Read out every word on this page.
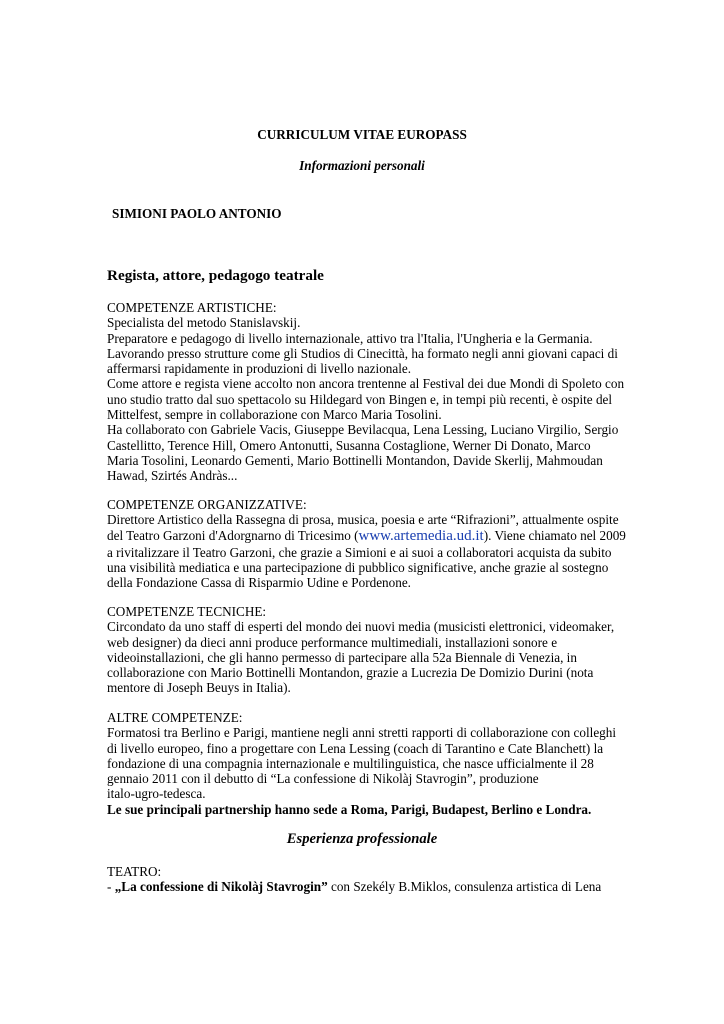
CURRICULUM VITAE EUROPASS
Informazioni personali
SIMIONI PAOLO ANTONIO
Regista, attore, pedagogo teatrale
COMPETENZE ARTISTICHE:
Specialista del metodo Stanislavskij.
Preparatore e pedagogo di livello internazionale, attivo tra l'Italia, l'Ungheria e la Germania.
Lavorando presso strutture come gli Studios di Cinecittà, ha formato negli anni giovani capaci di
affermarsi rapidamente in produzioni di livello nazionale.
Come attore e regista viene accolto non ancora trentenne al Festival dei due Mondi di Spoleto con
uno studio tratto dal suo spettacolo su Hildegard von Bingen e, in tempi più recenti, è ospite del
Mittelfest, sempre in collaborazione con Marco Maria Tosolini.
Ha collaborato con Gabriele Vacis, Giuseppe Bevilacqua, Lena Lessing, Luciano Virgilio, Sergio
Castellitto, Terence Hill, Omero Antonutti, Susanna Costaglione, Werner Di Donato, Marco
Maria Tosolini, Leonardo Gementi, Mario Bottinelli Montandon, Davide Skerlij, Mahmoudan
Hawad, Szirtés Andràs...
COMPETENZE ORGANIZZATIVE:
Direttore Artistico della Rassegna di prosa, musica, poesia e arte “Rifrazioni”, attualmente ospite
del Teatro Garzoni d'Adorgnarno di Tricesimo (www.artemedia.ud.it). Viene chiamato nel 2009
a rivitalizzare il Teatro Garzoni, che grazie a Simioni e ai suoi a collaboratori acquista da subito
una visibilità mediatica e una partecipazione di pubblico significative, anche grazie al sostegno
della Fondazione Cassa di Risparmio Udine e Pordenone.
COMPETENZE TECNICHE:
Circondato da uno staff di esperti del mondo dei nuovi media (musicisti elettronici, videomaker,
web designer) da dieci anni produce performance multimediali, installazioni sonore e
videoinstallazioni, che gli hanno permesso di partecipare alla 52a Biennale di Venezia, in
collaborazione con Mario Bottinelli Montandon, grazie a Lucrezia De Domizio Durini (nota
mentore di Joseph Beuys in Italia).
ALTRE COMPETENZE:
Formatosi tra Berlino e Parigi, mantiene negli anni stretti rapporti di collaborazione con colleghi
di livello europeo, fino a progettare con Lena Lessing (coach di Tarantino e Cate Blanchett) la
fondazione di una compagnia internazionale e multilinguistica, che nasce ufficialmente il 28
gennaio 2011 con il debutto di “La confessione di Nikolàj Stavrogin”, produzione
italo-ugro-tedesca.
Le sue principali partnership hanno sede a Roma, Parigi, Budapest, Berlino e Londra.
Esperienza professionale
TEATRO:
- „La confessione di Nikolàj Stavrogin” con Szekély B.Miklos, consulenza artistica di Lena
